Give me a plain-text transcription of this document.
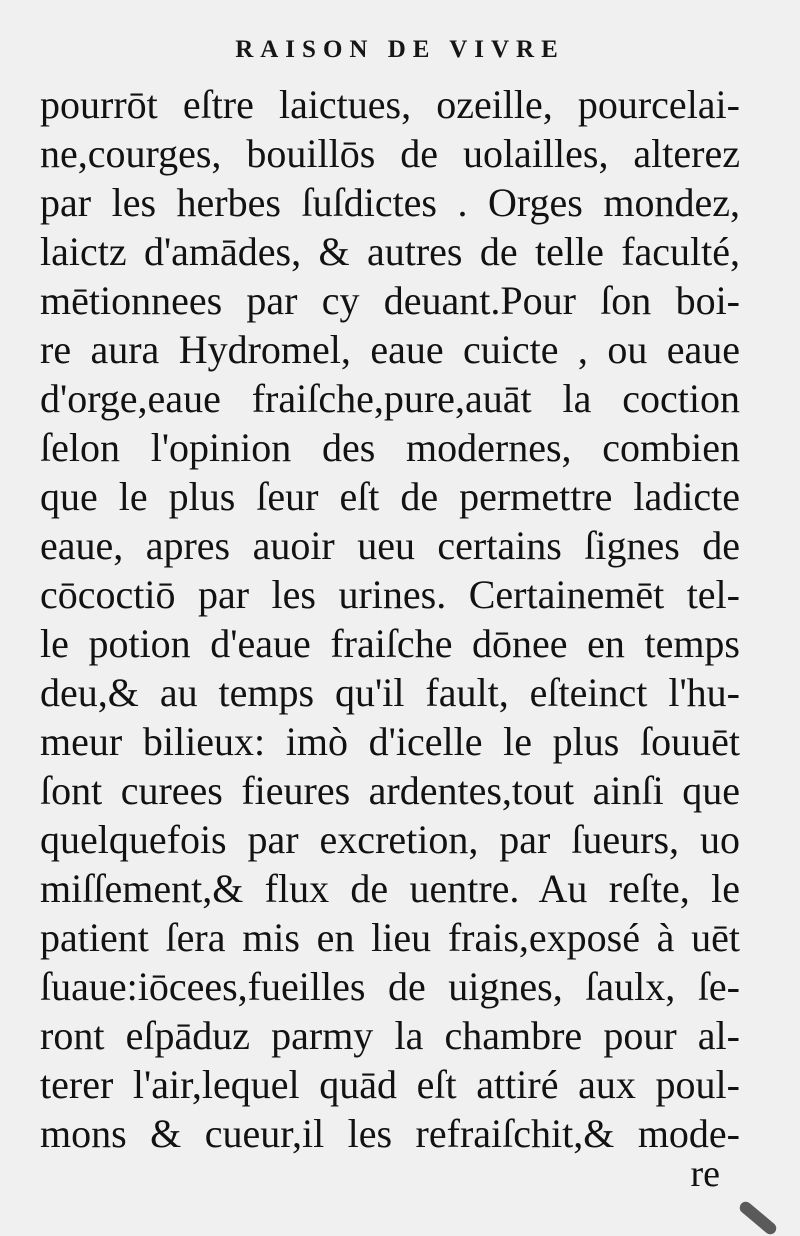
RAISON DE VIVRE
pourrōt eſtre laictues, ozeille, pourcelai-
ne,courges, bouillōs de uolailles, alterez
par les herbes ſuſdictes . Orges mondez,
laictz d'amādes, & autres de telle faculté,
mētionnees par cy deuant.Pour ſon boi-
re aura Hydromel, eaue cuicte , ou eaue
d'orge,eaue fraiſche,pure,auāt la coction
ſelon l'opinion des modernes, combien
que le plus ſeur eſt de permettre ladicte
eaue, apres auoir ueu certains ſignes de
cōcoctiō par les urines. Certainemēt tel-
le potion d'eaue fraiſche dōnee en temps
deu,& au temps qu'il fault, eſteinct l'hu-
meur bilieux: imò d'icelle le plus ſouuēt
ſont curees fieures ardentes,tout ainſi que
quelquefois par excretion, par ſueurs, uo
miſſement,& flux de uentre. Au reſte, le
patient ſera mis en lieu frais,exposé à uēt
ſuaue:iōcees,fueilles de uignes, ſaulx, ſe-
ront eſpāduz parmy la chambre pour al-
terer l'air,lequel quād eſt attiré aux poul-
mons & cueur,il les refraiſchit,& mode-
re
